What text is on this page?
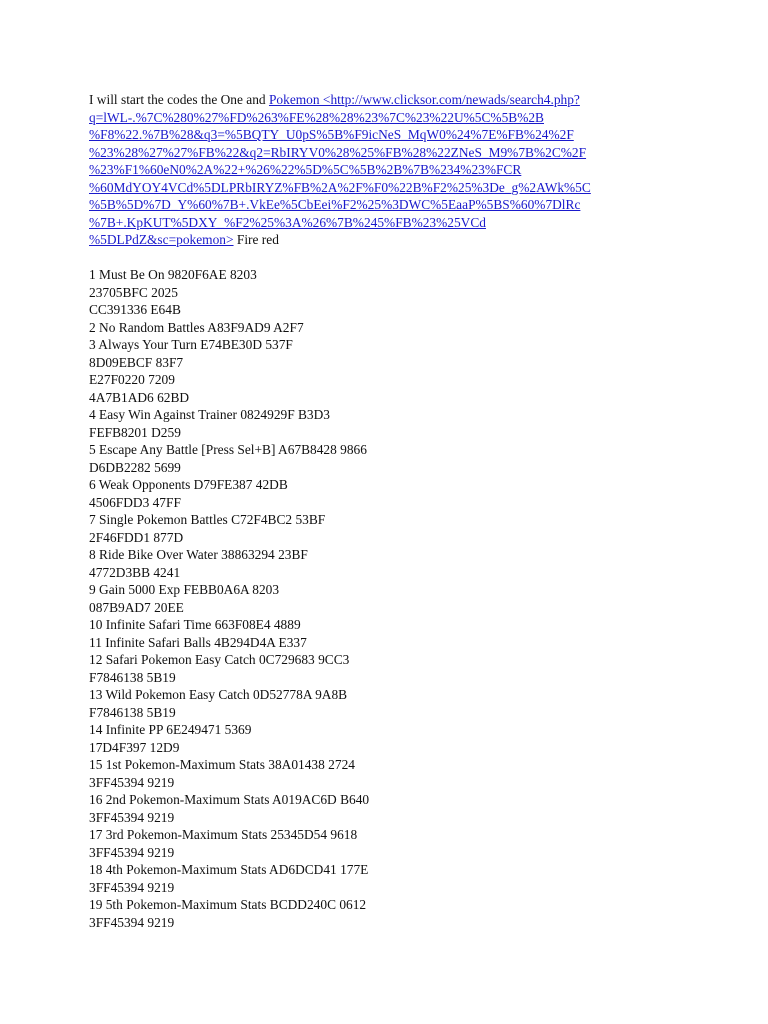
I will start the codes the One and Pokemon <http://www.clicksor.com/newads/search4.php?
q=lWL-.%7C%280%27%FD%263%FE%28%28%23%7C%23%22U%5C%5B%2B
%F8%22.%7B%28&q3=%5BQTY_U0pS%5B%F9icNeS_MqW0%24%7E%FB%24%2F
%23%28%27%27%FB%22&q2=RbIRYV0%28%25%FB%28%22ZNeS_M9%7B%2C%2F
%23%F1%60eN0%2A%22+%26%22%5D%5C%5B%2B%7B%234%23%FCR
%60MdYOY4VCd%5DLPRbIRYZ%FB%2A%2F%F0%22B%F2%25%3De_g%2AWk%5C
%5B%5D%7D_Y%60%7B+.VkEe%5CbEei%F2%25%3DWC%5EaaP%5BS%60%7DlRc
%7B+.KpKUT%5DXY_%F2%25%3A%26%7B%245%FB%23%25VCd
%5DLPdZ&sc=pokemon> Fire red
1 Must Be On 9820F6AE 8203
23705BFC 2025
CC391336 E64B
2 No Random Battles A83F9AD9 A2F7
3 Always Your Turn E74BE30D 537F
8D09EBCF 83F7
E27F0220 7209
4A7B1AD6 62BD
4 Easy Win Against Trainer 0824929F B3D3
FEFB8201 D259
5 Escape Any Battle [Press Sel+B] A67B8428 9866
D6DB2282 5699
6 Weak Opponents D79FE387 42DB
4506FDD3 47FF
7 Single Pokemon Battles C72F4BC2 53BF
2F46FDD1 877D
8 Ride Bike Over Water 38863294 23BF
4772D3BB 4241
9 Gain 5000 Exp FEBB0A6A 8203
087B9AD7 20EE
10 Infinite Safari Time 663F08E4 4889
11 Infinite Safari Balls 4B294D4A E337
12 Safari Pokemon Easy Catch 0C729683 9CC3
F7846138 5B19
13 Wild Pokemon Easy Catch 0D52778A 9A8B
F7846138 5B19
14 Infinite PP 6E249471 5369
17D4F397 12D9
15 1st Pokemon-Maximum Stats 38A01438 2724
3FF45394 9219
16 2nd Pokemon-Maximum Stats A019AC6D B640
3FF45394 9219
17 3rd Pokemon-Maximum Stats 25345D54 9618
3FF45394 9219
18 4th Pokemon-Maximum Stats AD6DCD41 177E
3FF45394 9219
19 5th Pokemon-Maximum Stats BCDD240C 0612
3FF45394 9219
